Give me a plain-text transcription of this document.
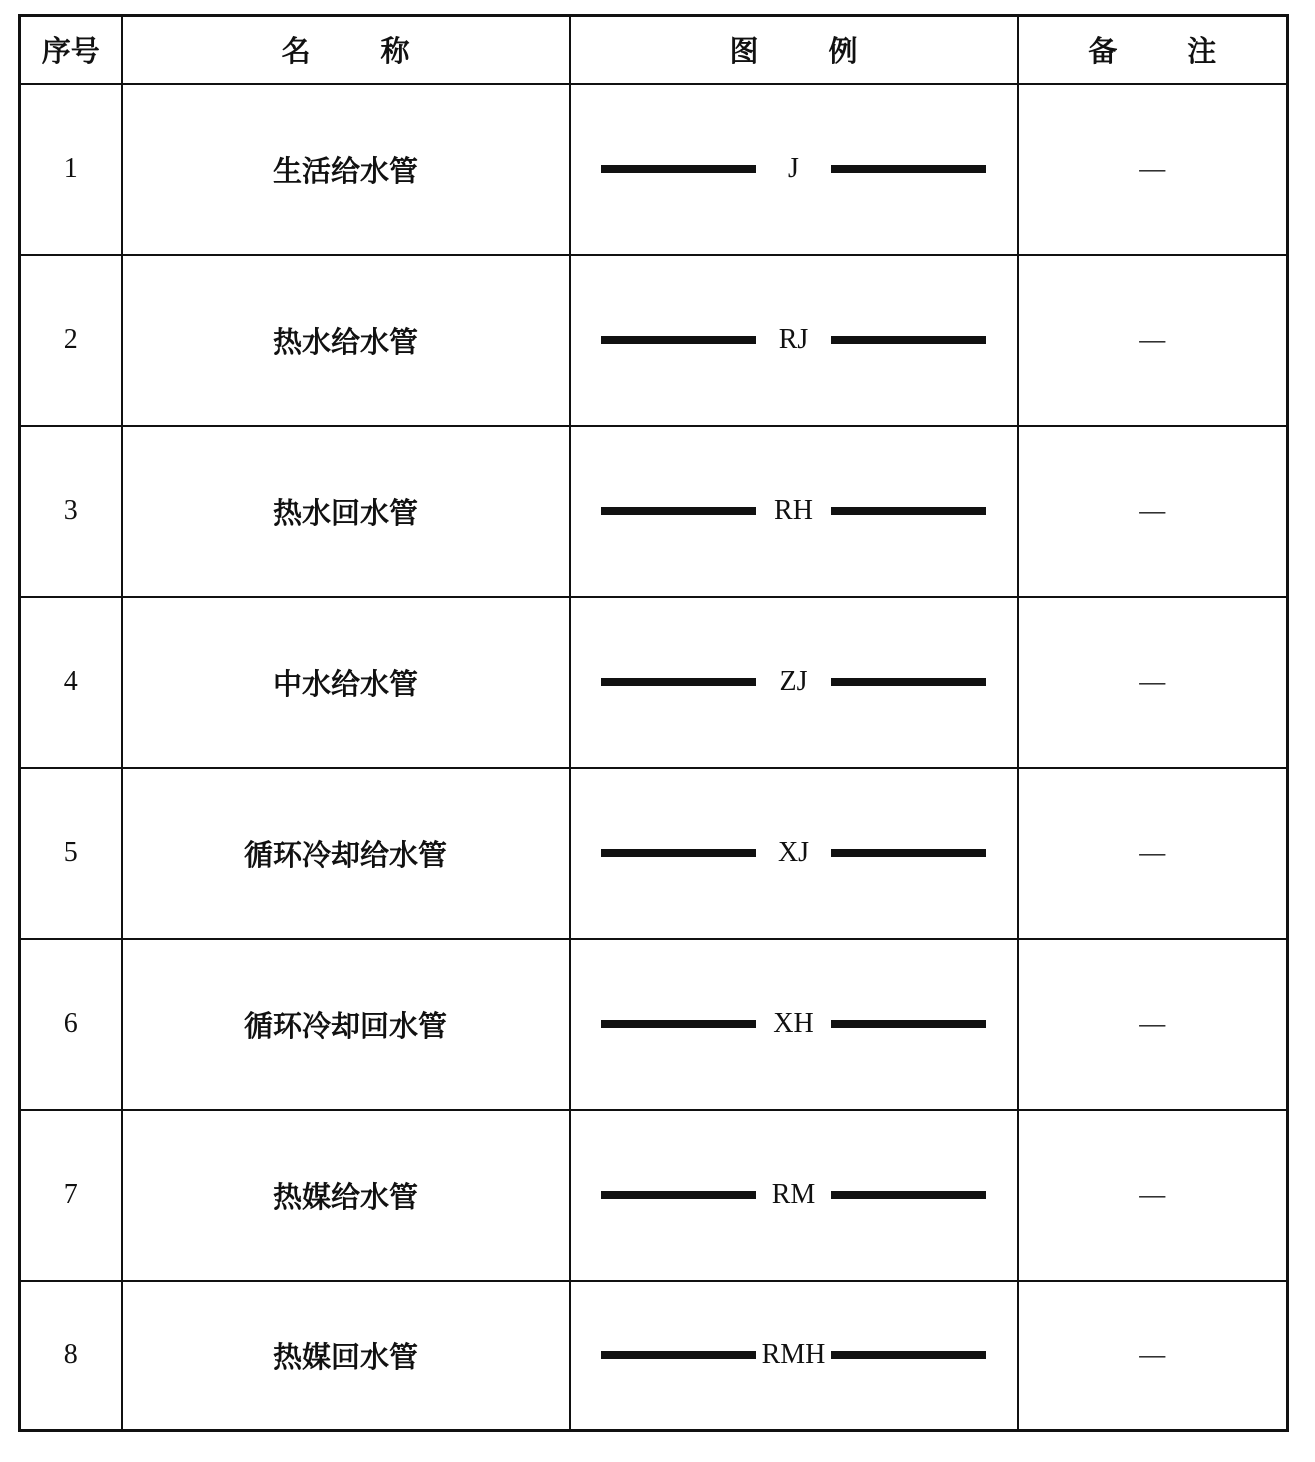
序号	名 称	图 例	备 注
1	生活给水管	J	—
2	热水给水管	RJ	—
3	热水回水管	RH	—
4	中水给水管	ZJ	—
5	循环冷却给水管	XJ	—
6	循环冷却回水管	XH	—
7	热媒给水管	RM	—
8	热媒回水管	RMH	—
